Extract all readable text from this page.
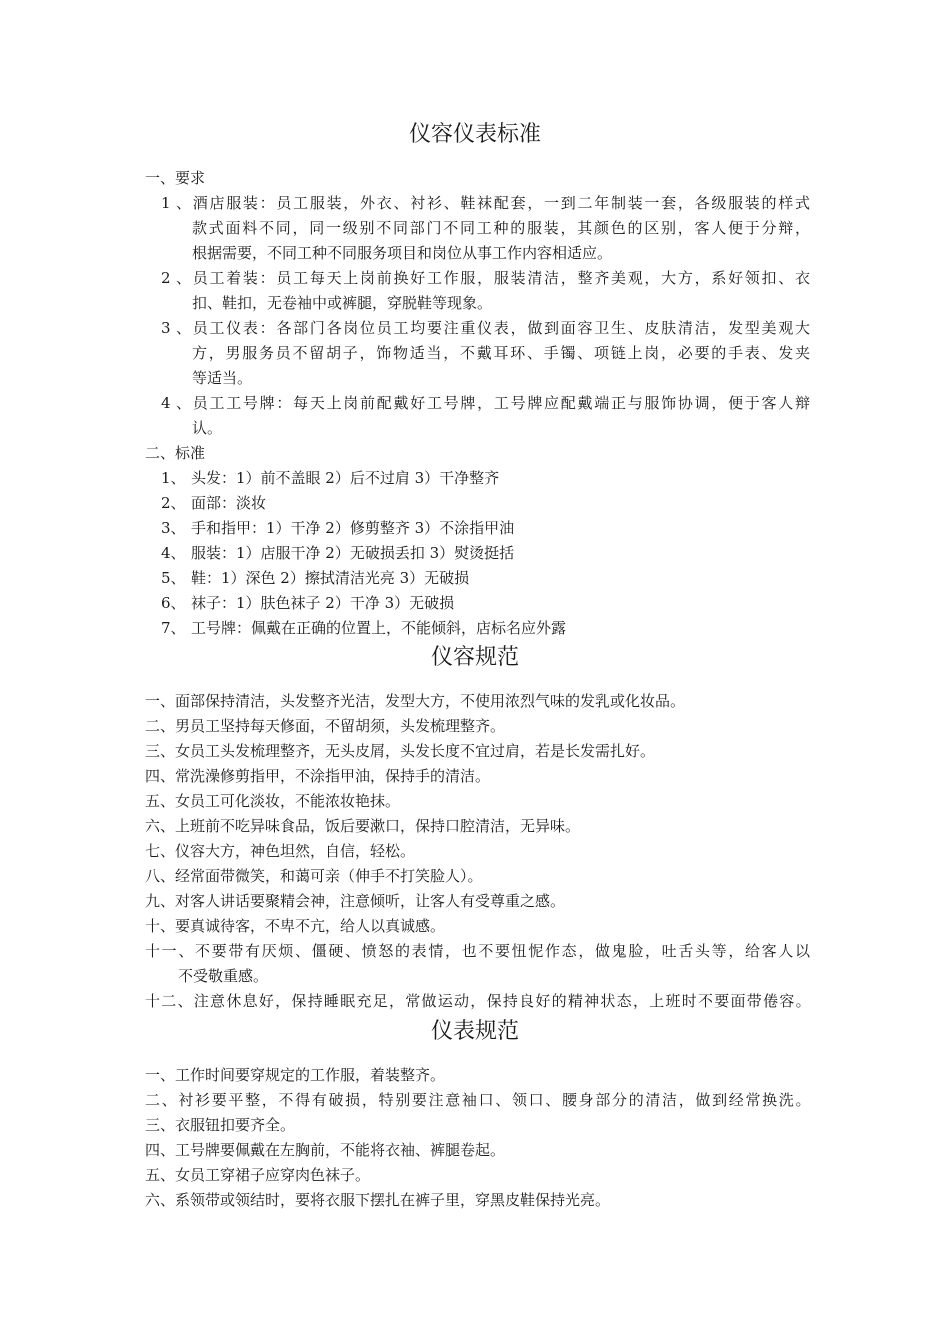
仪容仪表标准
一、要求
1、酒店服装：员工服装，外衣、衬衫、鞋袜配套，一到二年制装一套，各级服装的样式
款式面料不同，同一级别不同部门不同工种的服装，其颜色的区别，客人便于分辩，
根据需要，不同工种不同服务项目和岗位从事工作内容相适应。
2、员工着装：员工每天上岗前换好工作服，服装清洁，整齐美观，大方，系好领扣、衣
扣、鞋扣，无卷袖中或裤腿，穿脱鞋等现象。
3、员工仪表：各部门各岗位员工均要注重仪表，做到面容卫生、皮肤清洁，发型美观大
方，男服务员不留胡子，饰物适当，不戴耳环、手镯、项链上岗，必要的手表、发夹
等适当。
4、员工工号牌：每天上岗前配戴好工号牌，工号牌应配戴端正与服饰协调，便于客人辩
认。
二、标准
1、 头发：1）前不盖眼 2）后不过肩 3）干净整齐
2、 面部：淡妆
3、 手和指甲：1）干净 2）修剪整齐 3）不涂指甲油
4、 服装：1）店服干净 2）无破损丢扣 3）熨烫挺括
5、 鞋：1）深色 2）擦拭清洁光亮 3）无破损
6、 袜子：1）肤色袜子 2）干净 3）无破损
7、 工号牌：佩戴在正确的位置上，不能倾斜，店标名应外露
仪容规范
一、面部保持清洁，头发整齐光洁，发型大方，不使用浓烈气味的发乳或化妆品。
二、男员工坚持每天修面，不留胡须，头发梳理整齐。
三、女员工头发梳理整齐，无头皮屑，头发长度不宜过肩，若是长发需扎好。
四、常洗澡修剪指甲，不涂指甲油，保持手的清洁。
五、女员工可化淡妆，不能浓妆艳抹。
六、上班前不吃异味食品，饭后要漱口，保持口腔清洁，无异味。
七、仪容大方，神色坦然，自信，轻松。
八、经常面带微笑，和蔼可亲（伸手不打笑脸人）。
九、对客人讲话要聚精会神，注意倾听，让客人有受尊重之感。
十、要真诚待客，不卑不亢，给人以真诚感。
十一、不要带有厌烦、僵硬、愤怒的表情，也不要忸怩作态，做鬼脸，吐舌头等，给客人以
不受敬重感。
十二、注意休息好，保持睡眠充足，常做运动，保持良好的精神状态，上班时不要面带倦容。
仪表规范
一、工作时间要穿规定的工作服，着装整齐。
二、衬衫要平整，不得有破损，特别要注意袖口、领口、腰身部分的清洁，做到经常换洗。
三、衣服钮扣要齐全。
四、工号牌要佩戴在左胸前，不能将衣袖、裤腿卷起。
五、女员工穿裙子应穿肉色袜子。
六、系领带或领结时，要将衣服下摆扎在裤子里，穿黑皮鞋保持光亮。
